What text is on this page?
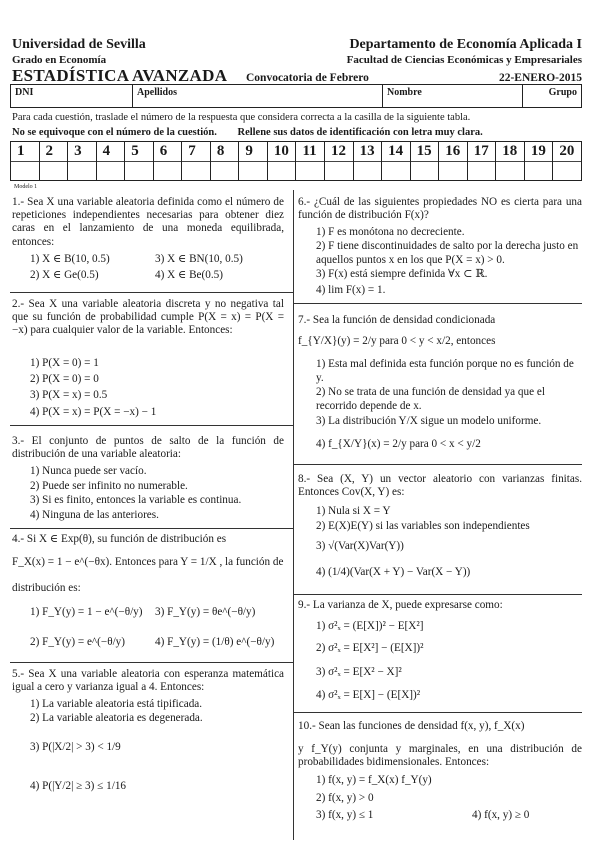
Universidad de Sevilla
Grado en Economía
ESTADÍSTICA AVANZADA Convocatoria de Febrero
Departamento de Economía Aplicada I
Facultad de Ciencias Económicas y Empresariales
22-ENERO-2015
DNI	Apellidos	Nombre	Grupo
Para cada cuestión, traslade el número de la respuesta que considera correcta a la casilla de la siguiente tabla.
No se equivoque con el número de la cuestión. Rellene sus datos de identificación con letra muy clara.
1 2 3 4 5 6 7 8 9 10 11 12 13 14 15 16 17 18 19 20
Modelo 1
1.- Sea X una variable aleatoria definida como el número de repeticiones independientes necesarias para obtener diez caras en el lanzamiento de una moneda equilibrada, entonces:
1) X ∈ B(10, 0.5)	3) X ∈ BN(10, 0.5)
2) X ∈ Ge(0.5)	4) X ∈ Be(0.5)
2.- Sea X una variable aleatoria discreta y no negativa tal que su función de probabilidad cumple P(X = x) = P(X = −x) para cualquier valor de la variable. Entonces:
1) P(X = 0) = 1
2) P(X = 0) = 0
3) P(X = x) = 0.5
4) P(X = x) = P(X = −x) − 1
3.- El conjunto de puntos de salto de la función de distribución de una variable aleatoria:
1) Nunca puede ser vacío.
2) Puede ser infinito no numerable.
3) Si es finito, entonces la variable es continua.
4) Ninguna de las anteriores.
4.- Si X ∈ Exp(θ), su función de distribución es
F_X(x) = 1 − e^(−θx). Entonces para Y = 1/X , la función de
distribución es:
1) F_Y(y) = 1 − e^(−θ/y) 3) F_Y(y) = θe^(−θ/y)
2) F_Y(y) = e^(−θ/y)	4) F_Y(y) = (1/θ) e^(−θ/y)
5.- Sea X una variable aleatoria con esperanza matemática igual a cero y varianza igual a 4. Entonces:
1) La variable aleatoria está tipificada.
2) La variable aleatoria es degenerada.
3) P(|X/2| > 3) < 1/9
4) P(|Y/2| ≥ 3) ≤ 1/16
6.- ¿Cuál de las siguientes propiedades NO es cierta para una función de distribución F(x)?
1) F es monótona no decreciente.
2) F tiene discontinuidades de salto por la derecha justo en aquellos puntos x en los que P(X = x) > 0.
3) F(x) está siempre definida ∀x ⊂ ℝ.
4) lim F(x) = 1.
7.- Sea la función de densidad condicionada
f_{Y/X}(y) = 2/y para 0 < y < x/2, entonces
1) Esta mal definida esta función porque no es función de y.
2) No se trata de una función de densidad ya que el recorrido depende de x.
3) La distribución Y/X sigue un modelo uniforme.
4) f_{X/Y}(x) = 2/y para 0 < x < y/2
8.- Sea (X, Y) un vector aleatorio con varianzas finitas. Entonces Cov(X, Y) es:
1) Nula si X = Y
2) E(X)E(Y) si las variables son independientes
3) √(Var(X)Var(Y))
4) (1/4)(Var(X + Y) − Var(X − Y))
9.- La varianza de X, puede expresarse como:
1) σ²ₓ = (E[X])² − E[X²]
2) σ²ₓ = E[X²] − (E[X])²
3) σ²ₓ = E[X² − X]²
4) σ²ₓ = E[X] − (E[X])²
10.- Sean las funciones de densidad f(x, y), f_X(x)
y f_Y(y) conjunta y marginales, en una distribución de probabilidades bidimensionales. Entonces:
1) f(x, y) = f_X(x) f_Y(y)
2) f(x, y) > 0
3) f(x, y) ≤ 1	4) f(x, y) ≥ 0
